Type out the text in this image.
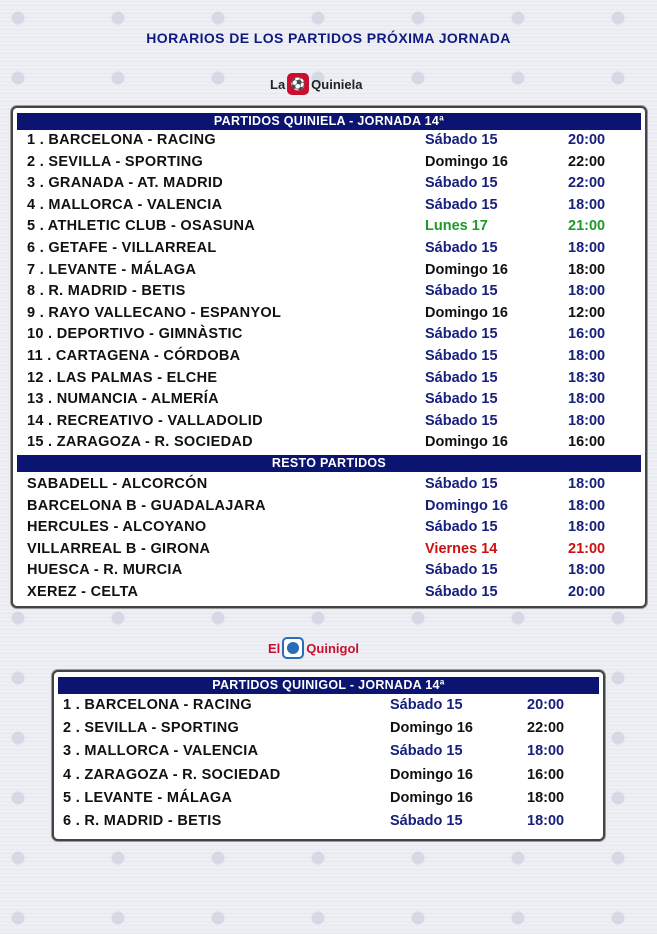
HORARIOS DE LOS PARTIDOS PRÓXIMA JORNADA
La ⚽ Quiniela
PARTIDOS QUINIELA - JORNADA 14ª
1 . BARCELONA - RACING	Sábado 15	20:00
2 . SEVILLA - SPORTING	Domingo 16	22:00
3 . GRANADA - AT. MADRID	Sábado 15	22:00
4 . MALLORCA - VALENCIA	Sábado 15	18:00
5 . ATHLETIC CLUB - OSASUNA	Lunes 17	21:00
6 . GETAFE - VILLARREAL	Sábado 15	18:00
7 . LEVANTE - MÁLAGA	Domingo 16	18:00
8 . R. MADRID - BETIS	Sábado 15	18:00
9 . RAYO VALLECANO - ESPANYOL	Domingo 16	12:00
10 . DEPORTIVO - GIMNÀSTIC	Sábado 15	16:00
11 . CARTAGENA - CÓRDOBA	Sábado 15	18:00
12 . LAS PALMAS - ELCHE	Sábado 15	18:30
13 . NUMANCIA - ALMERÍA	Sábado 15	18:00
14 . RECREATIVO - VALLADOLID	Sábado 15	18:00
15 . ZARAGOZA - R. SOCIEDAD	Domingo 16	16:00
RESTO PARTIDOS
SABADELL - ALCORCÓN	Sábado 15	18:00
BARCELONA B - GUADALAJARA	Domingo 16	18:00
HERCULES - ALCOYANO	Sábado 15	18:00
VILLARREAL B - GIRONA	Viernes 14	21:00
HUESCA - R. MURCIA	Sábado 15	18:00
XEREZ - CELTA	Sábado 15	20:00
El Quinigol
PARTIDOS QUINIGOL - JORNADA 14ª
1 . BARCELONA - RACING	Sábado 15	20:00
2 . SEVILLA - SPORTING	Domingo 16	22:00
3 . MALLORCA - VALENCIA	Sábado 15	18:00
4 . ZARAGOZA - R. SOCIEDAD	Domingo 16	16:00
5 . LEVANTE - MÁLAGA	Domingo 16	18:00
6 . R. MADRID - BETIS	Sábado 15	18:00
